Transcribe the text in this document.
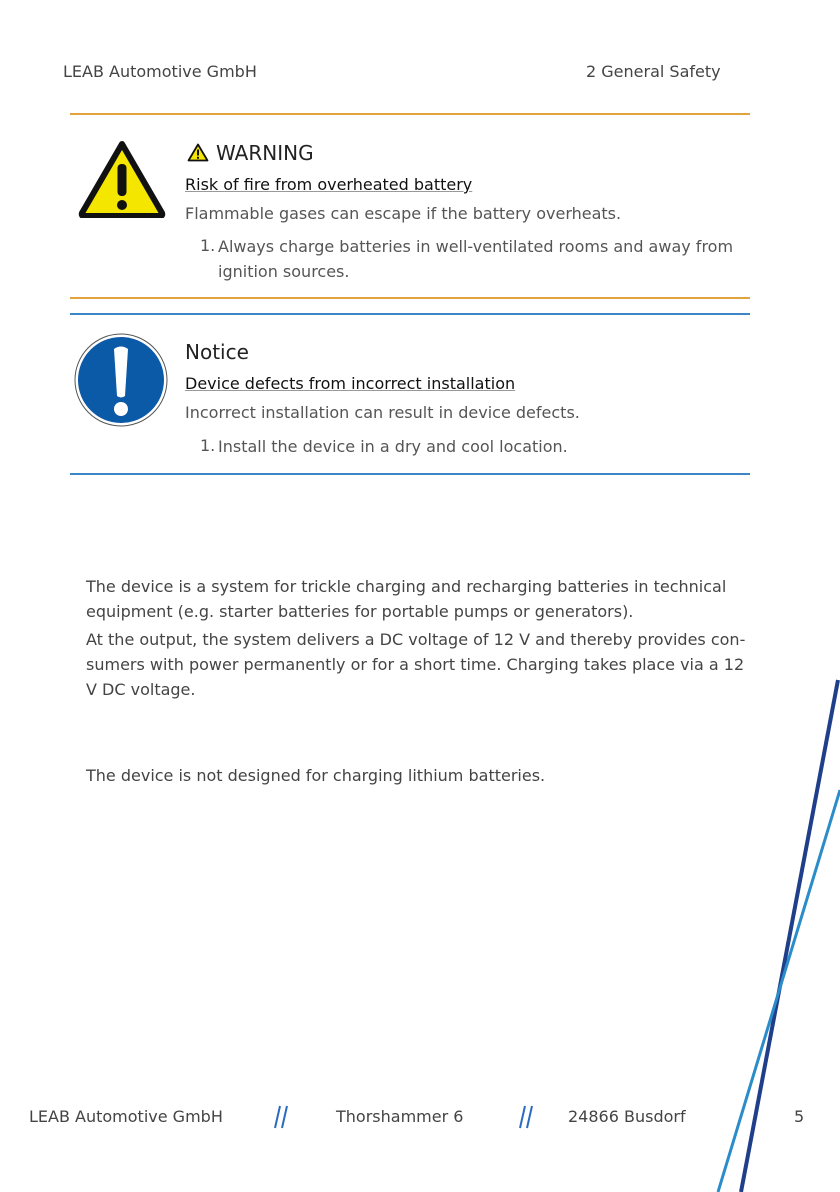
LEAB Automotive GmbH	2 General Safety
WARNING
Risk of fire from overheated battery
Flammable gases can escape if the battery overheats.
1. Always charge batteries in well-ventilated rooms and away from ignition sources.
Notice
Device defects from incorrect installation
Incorrect installation can result in device defects.
1. Install the device in a dry and cool location.
The device is a system for trickle charging and recharging batteries in technical equipment (e.g. starter batteries for portable pumps or generators).
At the output, the system delivers a DC voltage of 12 V and thereby provides con-sumers with power permanently or for a short time. Charging takes place via a 12 V DC voltage.
The device is not designed for charging lithium batteries.
LEAB Automotive GmbH	Thorshammer 6	24866 Busdorf	5
